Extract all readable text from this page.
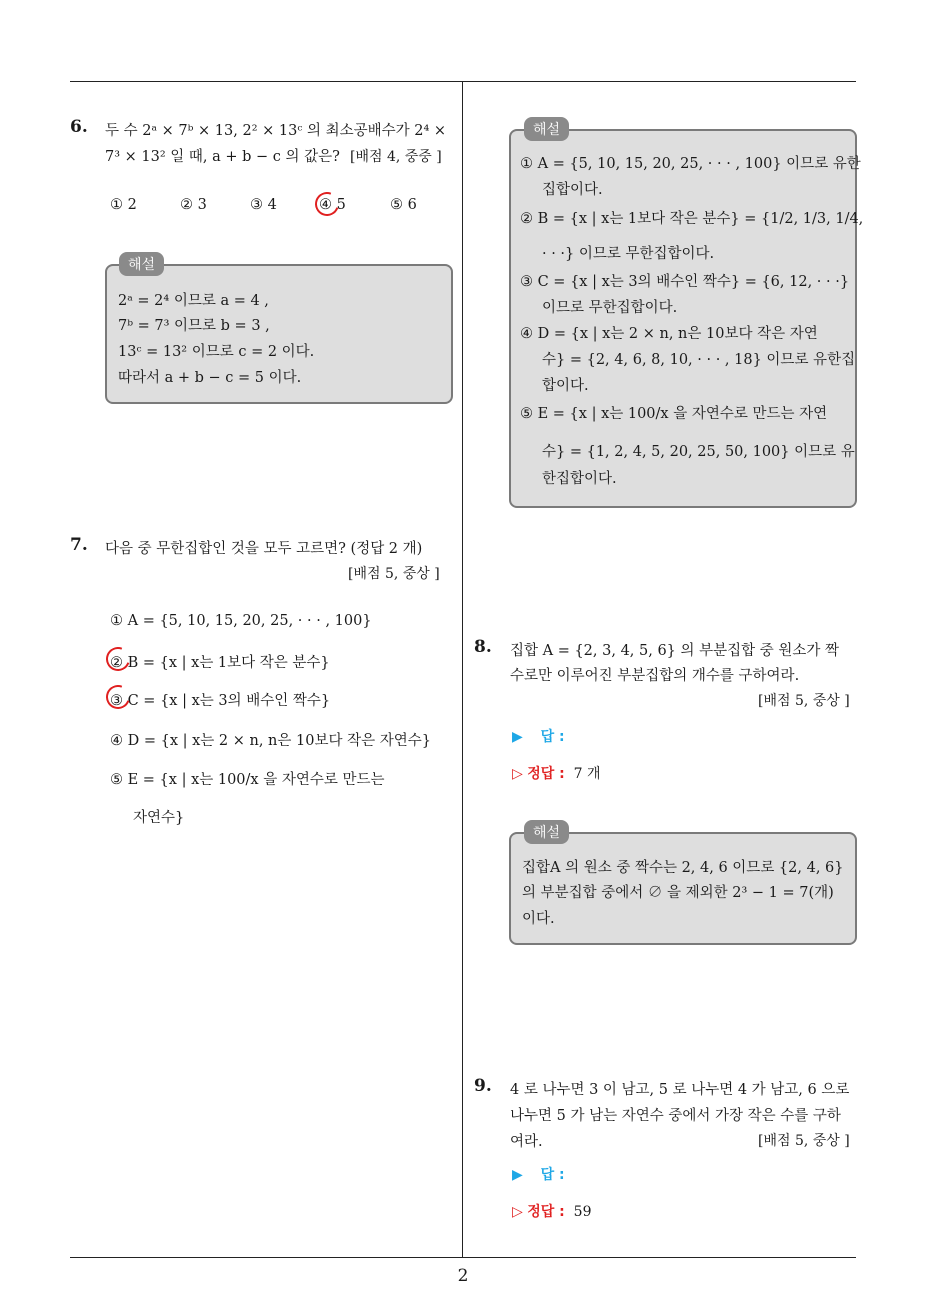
2
6. 두 수 2ᵃ × 7ᵇ × 13, 2² × 13ᶜ 의 최소공배수가 2⁴ ×
7³ × 13² 일 때, a + b − c 의 값은? [배점 4, 중중 ]
① 2	② 3	③ 4	④ 5	⑤ 6
해설
2ᵃ = 2⁴ 이므로 a = 4 ,
7ᵇ = 7³ 이므로 b = 3 ,
13ᶜ = 13² 이므로 c = 2 이다.
따라서 a + b − c = 5 이다.
7. 다음 중 무한집합인 것을 모두 고르면? (정답 2 개)
[배점 5, 중상 ]
① A = {5, 10, 15, 20, 25, · · · , 100}
② B = {x | x는 1보다 작은 분수}
③ C = {x | x는 3의 배수인 짝수}
④ D = {x | x는 2 × n, n은 10보다 작은 자연수}
⑤ E = {x | x는 100/x 을 자연수로 만드는
자연수}
해설
① A = {5, 10, 15, 20, 25, · · · , 100} 이므로 유한
집합이다.
② B = {x | x는 1보다 작은 분수} = {1/2, 1/3, 1/4,
· · ·} 이므로 무한집합이다.
③ C = {x | x는 3의 배수인 짝수} = {6, 12, · · ·}
이므로 무한집합이다.
④ D = {x | x는 2 × n, n은 10보다 작은 자연
수} = {2, 4, 6, 8, 10, · · · , 18} 이므로 유한집
합이다.
⑤ E = {x | x는 100/x 을 자연수로 만드는 자연
수} = {1, 2, 4, 5, 20, 25, 50, 100} 이므로 유
한집합이다.
8. 집합 A = {2, 3, 4, 5, 6} 의 부분집합 중 원소가 짝
수로만 이루어진 부분집합의 개수를 구하여라.
[배점 5, 중상 ]
▶ 답 :
▷ 정답 : 7 개
해설
집합A 의 원소 중 짝수는 2, 4, 6 이므로 {2, 4, 6}
의 부분집합 중에서 ∅ 을 제외한 2³ − 1 = 7(개)
이다.
9. 4 로 나누면 3 이 남고, 5 로 나누면 4 가 남고, 6 으로
나누면 5 가 남는 자연수 중에서 가장 작은 수를 구하
여라.	[배점 5, 중상 ]
▶ 답 :
▷ 정답 : 59
